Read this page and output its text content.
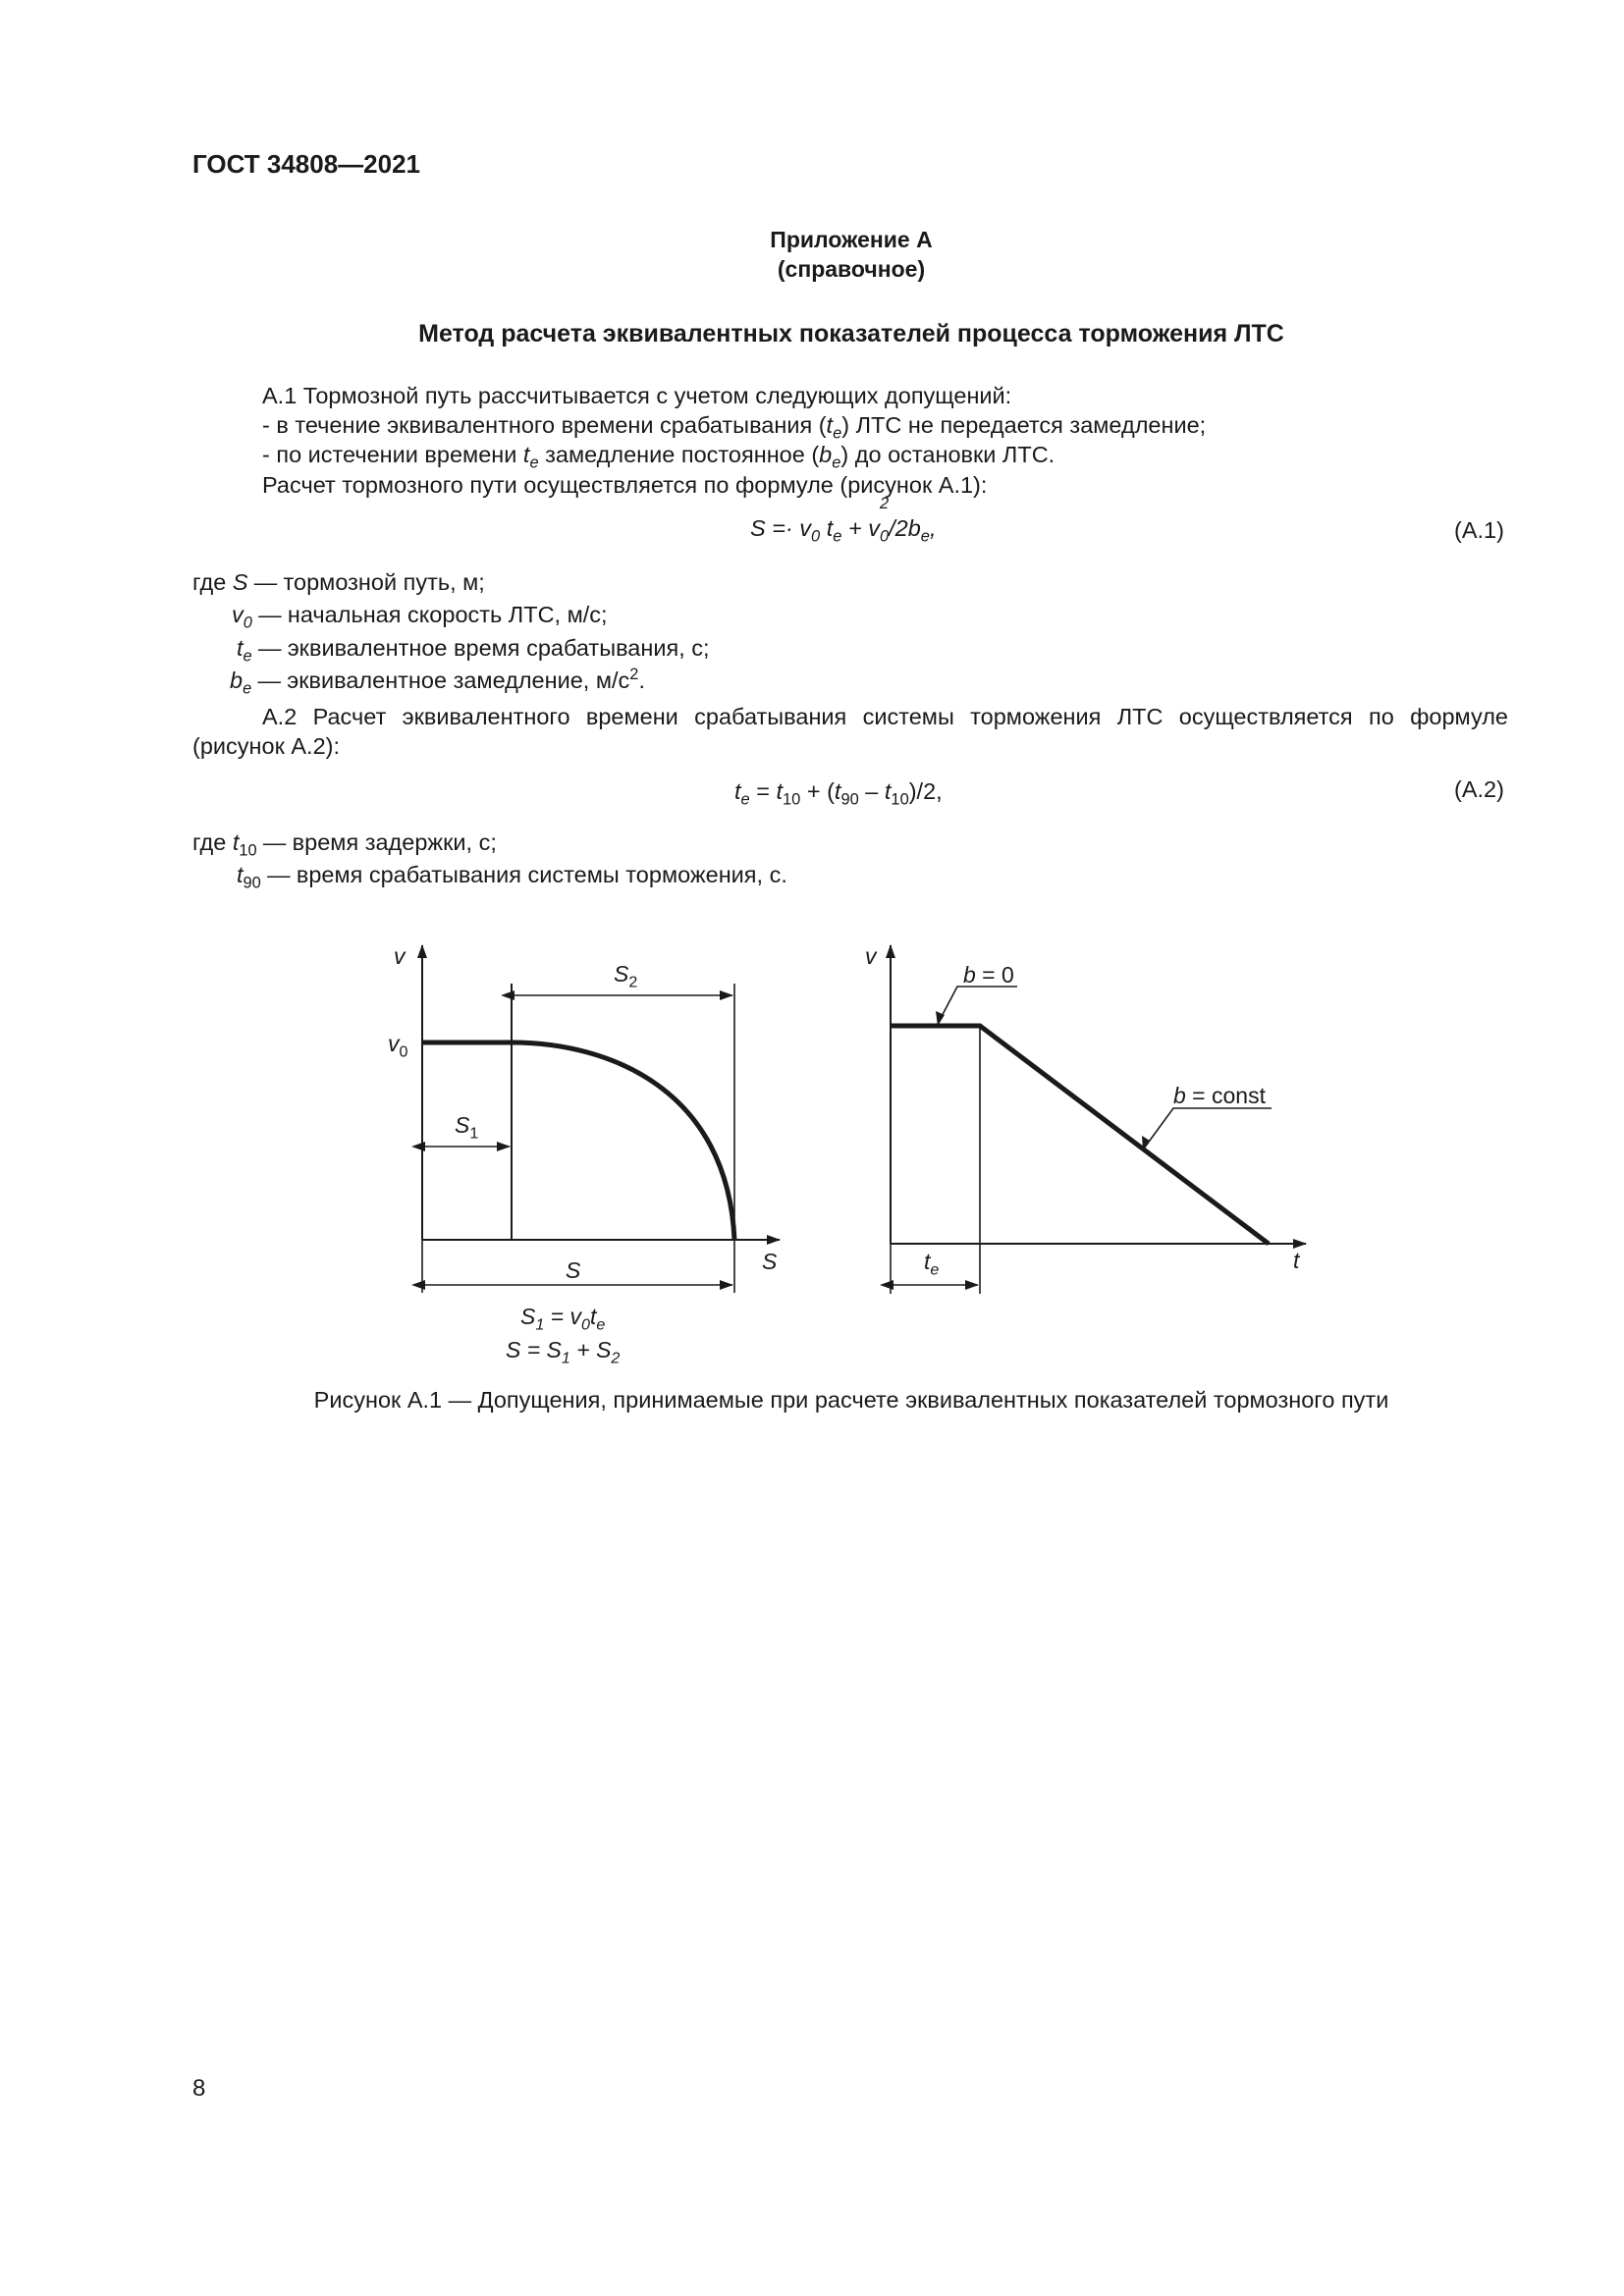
ГОСТ 34808—2021
Приложение А
(справочное)
Метод расчета эквивалентных показателей процесса торможения ЛТС
А.1 Тормозной путь рассчитывается с учетом следующих допущений:
- в течение эквивалентного времени срабатывания $(t_e)$ ЛТС не передается замедление;
- по истечении времени $t_e$ замедление постоянное $(b_e)$ до остановки ЛТС.
Расчет тормозного пути осуществляется по формуле (рисунок А.1):
$S =\cdot v_0$ $t_e + v$
$^2$
$_0/2b_e$,	(А.1)
где S — тормозной путь, м;
$v_0$ — начальная скорость ЛТС, м/с;
$t_e$ — эквивалентное время срабатывания, с;
$b_e$ — эквивалентное замедление, $м/с^2$.
А.2 Расчет эквивалентного времени срабатывания системы торможения ЛТС осуществляется по формуле
(рисунок А.2):
$t_e = t_{10} + (t_{90} - t_{10})/2$,	(А.2)
где $t_{10}$ — время задержки, с;
$t_{90}$ — время срабатывания системы торможения, с.
v
$S_2$
$v_0$
$S_1$
S	S
$S_1 = v_0t_e$
$S = S_1 + S_2$
v
b = 0
b = const
$t_e$	t
Рисунок А.1 — Допущения, принимаемые при расчете эквивалентных показателей тормозного пути
8
